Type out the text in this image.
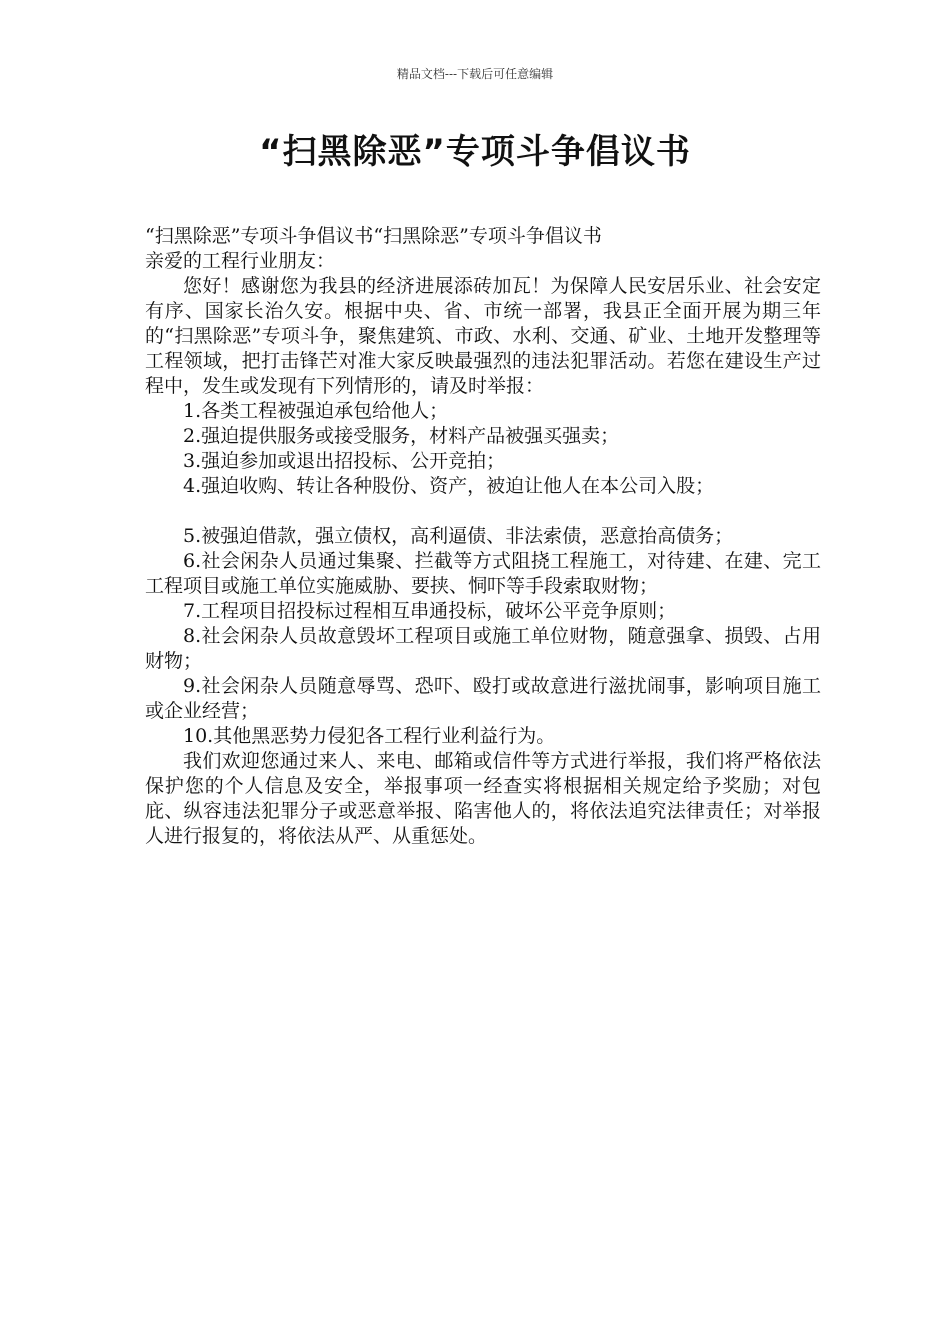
精品文档---下载后可任意编辑
“扫黑除恶”专项斗争倡议书

“扫黑除恶”专项斗争倡议书“扫黑除恶”专项斗争倡议书

亲爱的工程行业朋友：

您好！感谢您为我县的经济进展添砖加瓦！为保障人民安居乐业、社会安定有序、国家长治久安。根据中央、省、市统一部署，我县正全面开展为期三年的“扫黑除恶”专项斗争，聚焦建筑、市政、水利、交通、矿业、土地开发整理等工程领域，把打击锋芒对准大家反映最强烈的违法犯罪活动。若您在建设生产过程中，发生或发现有下列情形的，请及时举报：

1.各类工程被强迫承包给他人；

2.强迫提供服务或接受服务，材料产品被强买强卖；

3.强迫参加或退出招投标、公开竞拍；

4.强迫收购、转让各种股份、资产，被迫让他人在本公司入股；

5.被强迫借款，强立债权，高利逼债、非法索债，恶意抬高债务；

6.社会闲杂人员通过集聚、拦截等方式阻挠工程施工，对待建、在建、完工工程项目或施工单位实施威胁、要挟、恫吓等手段索取财物；

7.工程项目招投标过程相互串通投标，破坏公平竞争原则；

8.社会闲杂人员故意毁坏工程项目或施工单位财物，随意强拿、损毁、占用财物；

9.社会闲杂人员随意辱骂、恐吓、殴打或故意进行滋扰闹事，影响项目施工或企业经营；

10.其他黑恶势力侵犯各工程行业利益行为。

我们欢迎您通过来人、来电、邮箱或信件等方式进行举报，我们将严格依法保护您的个人信息及安全，举报事项一经查实将根据相关规定给予奖励；对包庇、纵容违法犯罪分子或恶意举报、陷害他人的，将依法追究法律责任；对举报人进行报复的，将依法从严、从重惩处。
